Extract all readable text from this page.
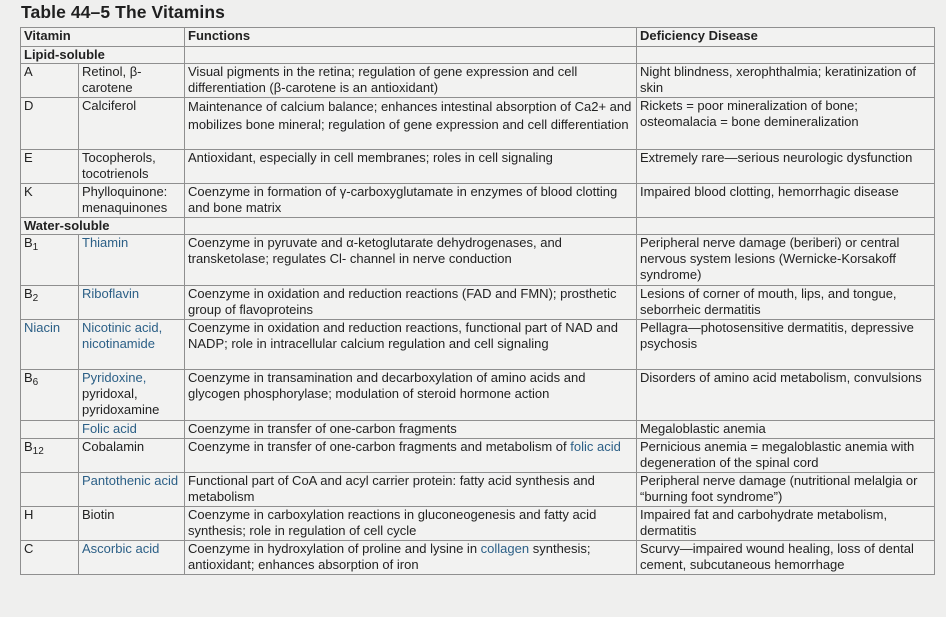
Table 44–5 The Vitamins
Vitamin		Functions	Deficiency Disease
Lipid-soluble			
A	Retinol, β-carotene	Visual pigments in the retina; regulation of gene expression and cell differentiation (β-carotene is an antioxidant)	Night blindness, xerophthalmia; keratinization of skin
D	Calciferol	Maintenance of calcium balance; enhances intestinal absorption of Ca2+ and mobilizes bone mineral; regulation of gene expression and cell differentiation	Rickets = poor mineralization of bone; osteomalacia = bone demineralization
E	Tocopherols, tocotrienols	Antioxidant, especially in cell membranes; roles in cell signaling	Extremely rare—serious neurologic dysfunction
K	Phylloquinone: menaquinones	Coenzyme in formation of γ-carboxyglutamate in enzymes of blood clotting and bone matrix	Impaired blood clotting, hemorrhagic disease
Water-soluble			
$B_1$	Thiamin	Coenzyme in pyruvate and α-ketoglutarate dehydrogenases, and transketolase; regulates Cl- channel in nerve conduction	Peripheral nerve damage (beriberi) or central nervous system lesions (Wernicke-Korsakoff syndrome)
$B_2$	Riboflavin	Coenzyme in oxidation and reduction reactions (FAD and FMN); prosthetic group of flavoproteins	Lesions of corner of mouth, lips, and tongue, seborrheic dermatitis
Niacin	Nicotinic acid, nicotinamide	Coenzyme in oxidation and reduction reactions, functional part of NAD and NADP; role in intracellular calcium regulation and cell signaling	Pellagra—photosensitive dermatitis, depressive psychosis
$B_6$	Pyridoxine, pyridoxal, pyridoxamine	Coenzyme in transamination and decarboxylation of amino acids and glycogen phosphorylase; modulation of steroid hormone action	Disorders of amino acid metabolism, convulsions
	Folic acid	Coenzyme in transfer of one-carbon fragments	Megaloblastic anemia
$B_{12}$	Cobalamin	Coenzyme in transfer of one-carbon fragments and metabolism of folic acid	Pernicious anemia = megaloblastic anemia with degeneration of the spinal cord
	Pantothenic acid	Functional part of CoA and acyl carrier protein: fatty acid synthesis and metabolism	Peripheral nerve damage (nutritional melalgia or “burning foot syndrome”)
H	Biotin	Coenzyme in carboxylation reactions in gluconeogenesis and fatty acid synthesis; role in regulation of cell cycle	Impaired fat and carbohydrate metabolism, dermatitis
C	Ascorbic acid	Coenzyme in hydroxylation of proline and lysine in collagen synthesis; antioxidant; enhances absorption of iron	Scurvy—impaired wound healing, loss of dental cement, subcutaneous hemorrhage
